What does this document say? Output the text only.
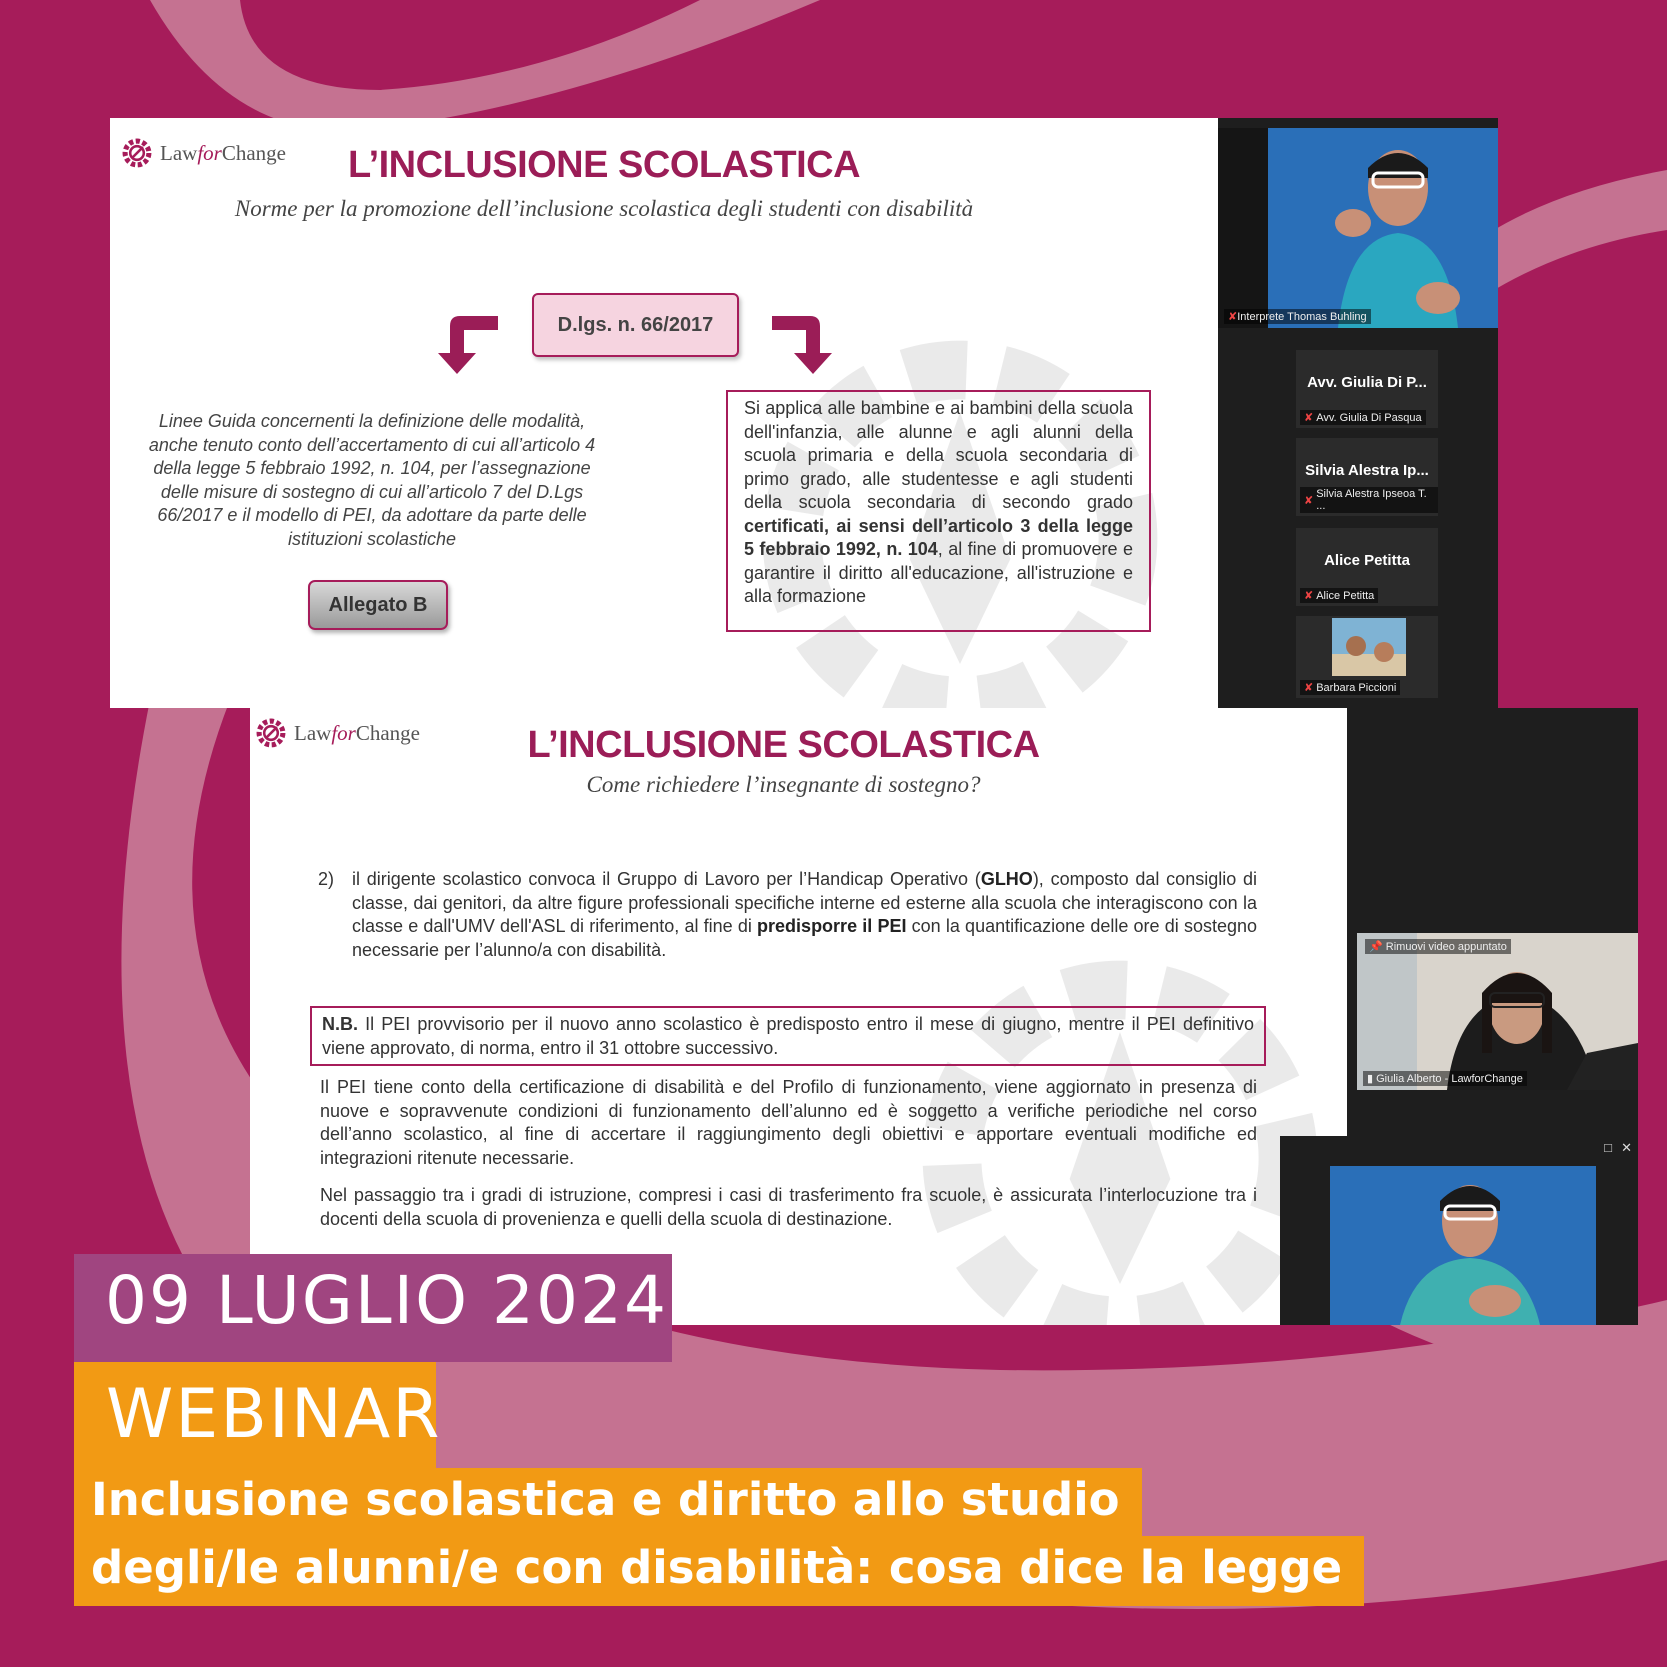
LawforChange	L’INCLUSIONE SCOLASTICA
Norme per la promozione dell’inclusione scolastica degli studenti con disabilità
D.lgs. n. 66/2017
Linee Guida concernenti la definizione delle modalità, anche tenuto conto dell’accertamento di cui all’articolo 4 della legge 5 febbraio 1992, n. 104, per l’assegnazione delle misure di sostegno di cui all’articolo 7 del D.Lgs 66/2017 e il modello di PEI, da adottare da parte delle istituzioni scolastiche
Allegato B
Si applica alle bambine e ai bambini della scuola dell'infanzia, alle alunne e agli alunni della scuola primaria e della scuola secondaria di primo grado, alle studentesse e agli studenti della scuola secondaria di secondo grado certificati, ai sensi dell’articolo 3 della legge 5 febbraio 1992, n. 104, al fine di promuovere e garantire il diritto all'educazione, all'istruzione e alla formazione
✘Interprete Thomas Buhling
Avv. Giulia Di P...
✘ Avv. Giulia Di Pasqua
Silvia Alestra Ip...
✘
Silvia Alestra Ipseoa T. ...
Alice Petitta
✘ Alice Petitta
✘ Barbara Piccioni
LawforChange	L’INCLUSIONE SCOLASTICA
Come richiedere l’insegnante di sostegno?
2) il dirigente scolastico convoca il Gruppo di Lavoro per l’Handicap Operativo (GLHO), composto dal consiglio di classe, dai genitori, da altre figure professionali specifiche interne ed esterne alla scuola che interagiscono con la classe e dall'UMV dell'ASL di riferimento, al fine di predisporre il PEI con la quantificazione delle ore di sostegno necessarie per l’alunno/a con disabilità.
N.B. Il PEI provvisorio per il nuovo anno scolastico è predisposto entro il mese di giugno, mentre il PEI definitivo viene approvato, di norma, entro il 31 ottobre successivo.
Il PEI tiene conto della certificazione di disabilità e del Profilo di funzionamento, viene aggiornato in presenza di nuove e sopravvenute condizioni di funzionamento dell’alunno ed è soggetto a verifiche periodiche nel corso dell’anno scolastico, al fine di accertare il raggiungimento degli obiettivi e apportare eventuali modifiche ed integrazioni ritenute necessarie.
Nel passaggio tra i gradi di istruzione, compresi i casi di trasferimento fra scuole, è assicurata l’interlocuzione tra i docenti della scuola di provenienza e quelli della scuola di destinazione.
📌 Rimuovi video appuntato
▮ Giulia Alberto - LawforChange
□ ✕
09 LUGLIO 2024
WEBINAR
Inclusione scolastica e diritto allo studio
degli/le alunni/e con disabilità: cosa dice la legge
